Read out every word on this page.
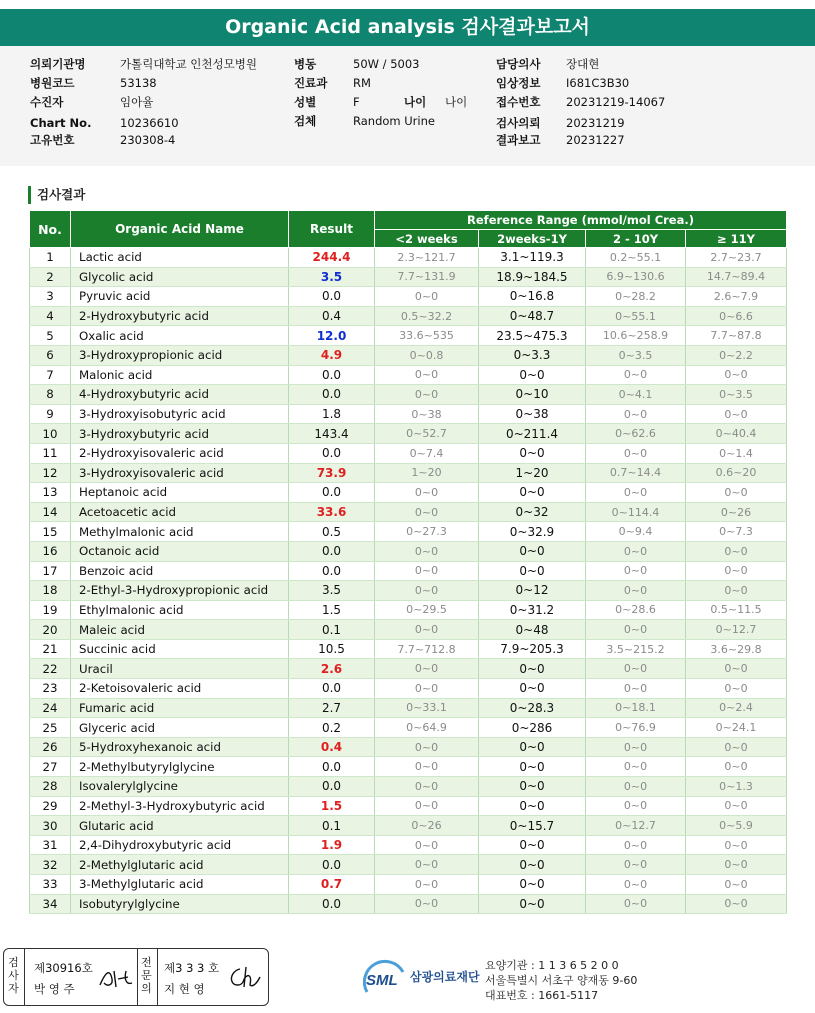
Organic Acid analysis 검사결과보고서
의뢰기관명	가톨릭대학교 인천성모병원
병원코드	53138
수진자	임아율
Chart No. 10236610
고유번호	230308-4
병동	50W / 5003
진료과 RM
성별	F	나이 나이
검체	Random Urine
담당의사 장대현
임상정보 I681C3B30
접수번호 20231219-14067
검사의뢰 20231219
결과보고 20231227
검사결과
No.	Organic Acid Name	Result	Reference Range (mmol/mol Crea.)			
			<2 weeks	2weeks-1Y	2 - 10Y	≥ 11Y
1	Lactic acid	244.4	2.3~121.7	3.1~119.3	0.2~55.1	2.7~23.7
2	Glycolic acid	3.5	7.7~131.9	18.9~184.5	6.9~130.6	14.7~89.4
3	Pyruvic acid	0.0	0~0	0~16.8	0~28.2	2.6~7.9
4	2-Hydroxybutyric acid	0.4	0.5~32.2	0~48.7	0~55.1	0~6.6
5	Oxalic acid	12.0	33.6~535	23.5~475.3	10.6~258.9	7.7~87.8
6	3-Hydroxypropionic acid	4.9	0~0.8	0~3.3	0~3.5	0~2.2
7	Malonic acid	0.0	0~0	0~0	0~0	0~0
8	4-Hydroxybutyric acid	0.0	0~0	0~10	0~4.1	0~3.5
9	3-Hydroxyisobutyric acid	1.8	0~38	0~38	0~0	0~0
10	3-Hydroxybutyric acid	143.4	0~52.7	0~211.4	0~62.6	0~40.4
11	2-Hydroxyisovaleric acid	0.0	0~7.4	0~0	0~0	0~1.4
12	3-Hydroxyisovaleric acid	73.9	1~20	1~20	0.7~14.4	0.6~20
13	Heptanoic acid	0.0	0~0	0~0	0~0	0~0
14	Acetoacetic acid	33.6	0~0	0~32	0~114.4	0~26
15	Methylmalonic acid	0.5	0~27.3	0~32.9	0~9.4	0~7.3
16	Octanoic acid	0.0	0~0	0~0	0~0	0~0
17	Benzoic acid	0.0	0~0	0~0	0~0	0~0
18	2-Ethyl-3-Hydroxypropionic acid	3.5	0~0	0~12	0~0	0~0
19	Ethylmalonic acid	1.5	0~29.5	0~31.2	0~28.6	0.5~11.5
20	Maleic acid	0.1	0~0	0~48	0~0	0~12.7
21	Succinic acid	10.5	7.7~712.8	7.9~205.3	3.5~215.2	3.6~29.8
22	Uracil	2.6	0~0	0~0	0~0	0~0
23	2-Ketoisovaleric acid	0.0	0~0	0~0	0~0	0~0
24	Fumaric acid	2.7	0~33.1	0~28.3	0~18.1	0~2.4
25	Glyceric acid	0.2	0~64.9	0~286	0~76.9	0~24.1
26	5-Hydroxyhexanoic acid	0.4	0~0	0~0	0~0	0~0
27	2-Methylbutyrylglycine	0.0	0~0	0~0	0~0	0~0
28	Isovalerylglycine	0.0	0~0	0~0	0~0	0~1.3
29	2-Methyl-3-Hydroxybutyric acid	1.5	0~0	0~0	0~0	0~0
30	Glutaric acid	0.1	0~26	0~15.7	0~12.7	0~5.9
31	2,4-Dihydroxybutyric acid	1.9	0~0	0~0	0~0	0~0
32	2-Methylglutaric acid	0.0	0~0	0~0	0~0	0~0
33	3-Methylglutaric acid	0.7	0~0	0~0	0~0	0~0
34	Isobutyrylglycine	0.0	0~0	0~0	0~0	0~0
검
사
자
제30916호
박 영 주
전
문
의
제3 3 3 호
지 현 영	SML 삼광의료재단
요양기관 : 1 1 3 6 5 2 0 0
서울특별시 서초구 양재동 9-60
대표번호 : 1661-5117
